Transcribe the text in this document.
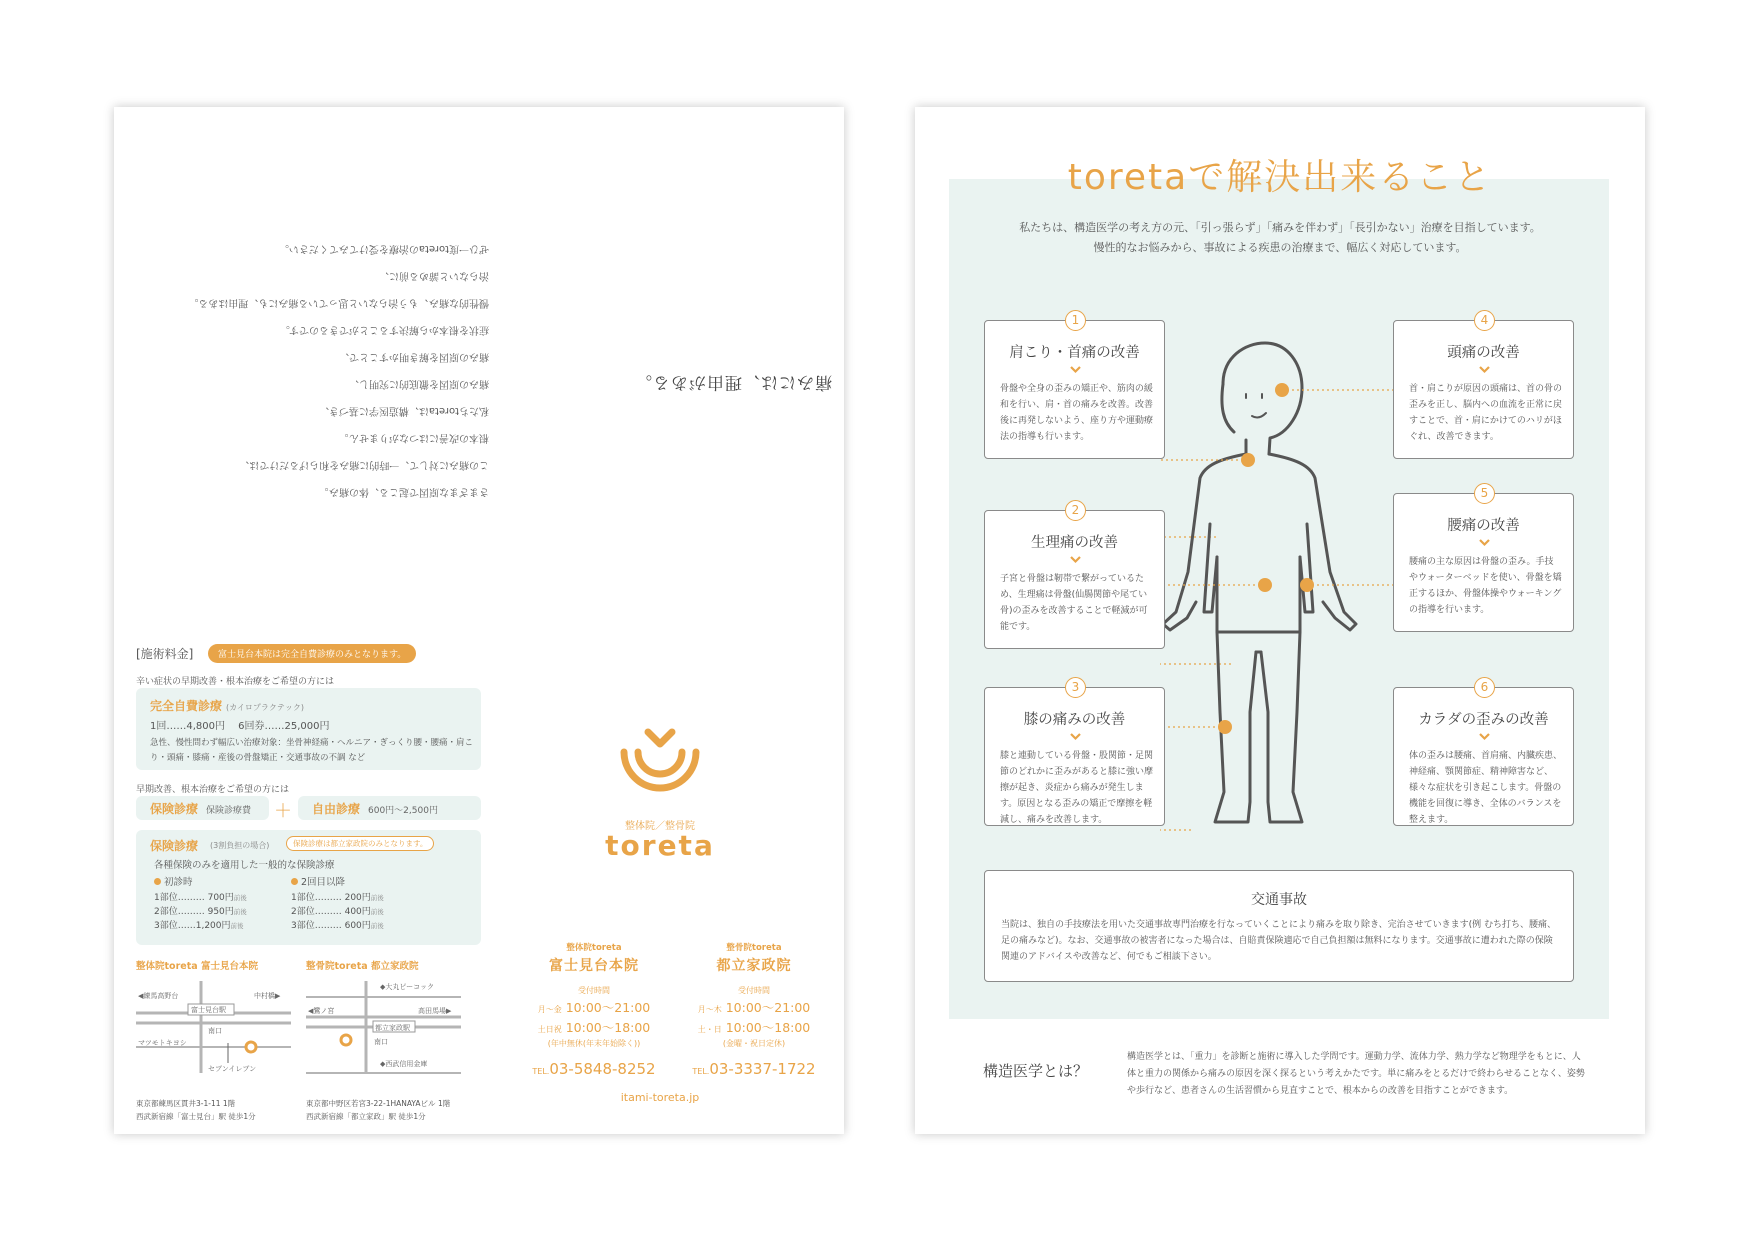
痛みには、理由がある。
さまざまな原因で起こる、体の痛み。
この痛みに対して、一時的に痛みを和らげるだけでは、
根本の改善にはつながりません。
私たちtoretaは、構造医学に基づき、
痛みの原因を徹底的に究明し、
痛みの原因を解き明かすことで、
症状を根本から解決することができるのです。
慢性的な痛み、もう治らないと思っている痛みにも、理由はある。
治らないと諦める前に、
ぜひ一度toretaの治療を受けてみてください。
[施術料金]	富士見台本院は完全自費診療のみとなります。
辛い症状の早期改善・根本治療をご希望の方には
完全自費診療 (カイロプラクテック)
1回……4,800円　 6回券……25,000円
急性、慢性問わず幅広い治療対象：坐骨神経痛・ヘルニア・ぎっくり腰・腰痛・肩こり・頭痛・膝痛・産後の骨盤矯正・交通事故の不調 など
早期改善、根本治療をご希望の方には
保険診療 保険診療費 ＋ 自由診療 600円〜2,500円
保険診療 (3割負担の場合)	保険診療は都立家政院のみとなります。
各種保険のみを適用した一般的な保険診療
初診時
1部位……… 700円前後
2部位……… 950円前後
3部位……1,200円前後
2回目以降
1部位……… 200円前後
2部位……… 400円前後
3部位……… 600円前後
整体院toreta 富士見台本院
◀練馬高野台	中村橋▶
富士見台駅
南口
マツモトキヨシ
セブンイレブン
東京都練馬区貫井3-1-11 1階
西武新宿線「富士見台」駅 徒歩1分
整骨院toreta 都立家政院
◆大丸ピーコック
◀鷺ノ宮	高田馬場▶
都立家政駅
南口
◆西武信用金庫
東京都中野区若宮3-22-1HANAYAビル 1階
西武新宿線「都立家政」駅 徒歩1分
整体院／整骨院
toreta
整体院toreta
富士見台本院
受付時間
月〜金 10:00〜21:00
土日祝 10:00〜18:00
(年中無休(年末年始除く))
TEL.03-5848-8252
整骨院toreta
都立家政院
受付時間
月〜木 10:00〜21:00
土・日 10:00〜18:00
(金曜・祝日定休)
TEL.03-3337-1722
itami-toreta.jp
toretaで解決出来ること
私たちは、構造医学の考え方の元、「引っ張らず」「痛みを伴わず」「長引かない」治療を目指しています。
慢性的なお悩みから、事故による疾患の治療まで、幅広く対応しています。
1
肩こり・首痛の改善
骨盤や全身の歪みの矯正や、筋肉の緩和を行い、肩・首の痛みを改善。改善後に再発しないよう、座り方や運動療法の指導も行います。
2
生理痛の改善
子宮と骨盤は靭帯で繋がっているため、生理痛は骨盤(仙腸関節や尾てい骨)の歪みを改善することで軽減が可能です。
3
膝の痛みの改善
膝と連動している骨盤・股関節・足関節のどれかに歪みがあると膝に強い摩擦が起き、炎症から痛みが発生します。原因となる歪みの矯正で摩擦を軽減し、痛みを改善します。
4
頭痛の改善
首・肩こりが原因の頭痛は、首の骨の歪みを正し、脳内への血流を正常に戻すことで、首・肩にかけてのハリがほぐれ、改善できます。
5
腰痛の改善
腰痛の主な原因は骨盤の歪み。手技やウォーターベッドを使い、骨盤を矯正するほか、骨盤体操やウォーキングの指導を行います。
6
カラダの歪みの改善
体の歪みは腰痛、首肩痛、内臓疾患、神経痛、顎関節症、精神障害など、様々な症状を引き起こします。骨盤の機能を回復に導き、全体のバランスを整えます。
交通事故
当院は、独自の手技療法を用いた交通事故専門治療を行なっていくことにより痛みを取り除き、完治させていきます(例 むち打ち、腰痛、足の痛みなど)。なお、交通事故の被害者になった場合は、自賠責保険適応で自己負担額は無料になります。交通事故に遭われた際の保険関連のアドバイスや改善など、何でもご相談下さい。
構造医学とは？
構造医学とは、「重力」を診断と施術に導入した学問です。運動力学、流体力学、熱力学など物理学をもとに、人体と重力の関係から痛みの原因を深く探るという考えかたです。単に痛みをとるだけで終わらせることなく、姿勢や歩行など、患者さんの生活習慣から見直すことで、根本からの改善を目指すことができます。
